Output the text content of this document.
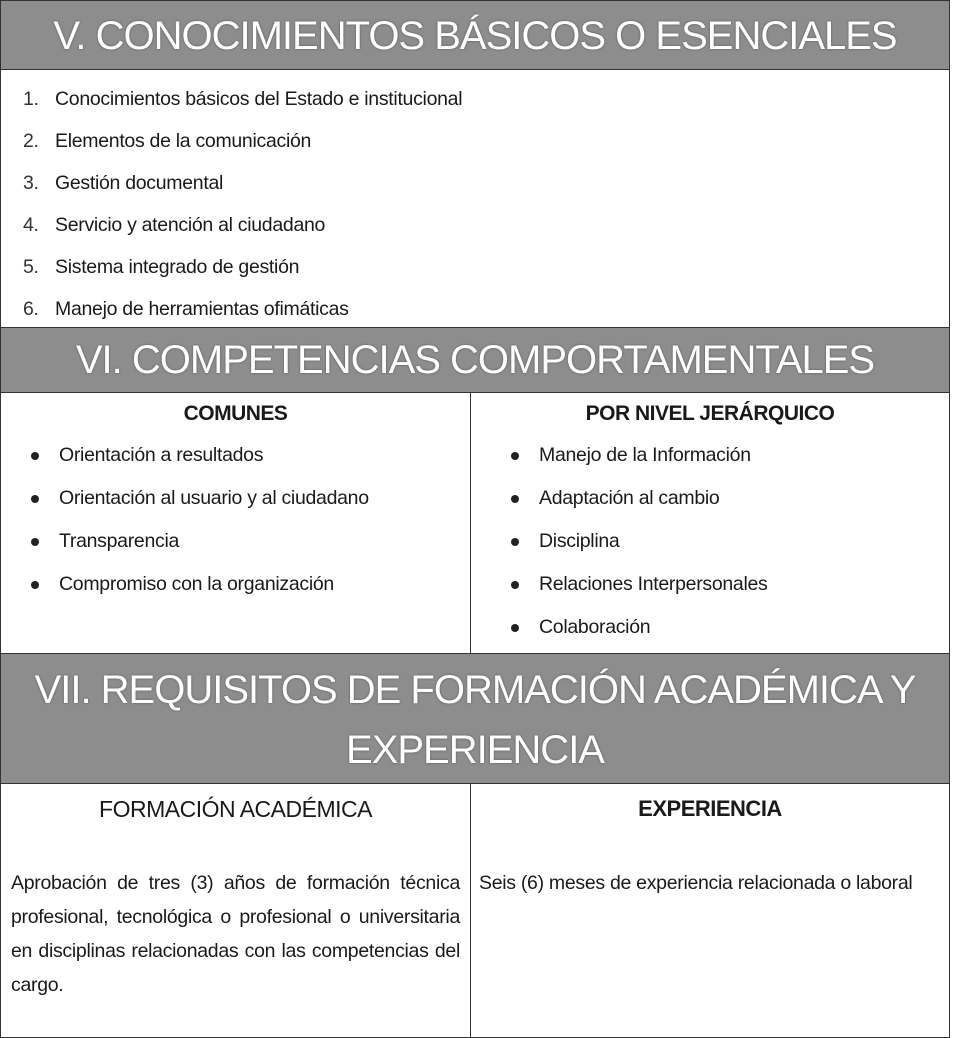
V. CONOCIMIENTOS BÁSICOS O ESENCIALES
1. Conocimientos básicos del Estado e institucional
2. Elementos de la comunicación
3. Gestión documental
4. Servicio y atención al ciudadano
5. Sistema integrado de gestión
6. Manejo de herramientas ofimáticas
VI. COMPETENCIAS COMPORTAMENTALES
COMUNES
Orientación a resultados
Orientación al usuario y al ciudadano
Transparencia
Compromiso con la organización
POR NIVEL JERÁRQUICO
Manejo de la Información
Adaptación al cambio
Disciplina
Relaciones Interpersonales
Colaboración
VII. REQUISITOS DE FORMACIÓN ACADÉMICA Y
EXPERIENCIA
FORMACIÓN ACADÉMICA
Aprobación de tres (3) años de formación técnica profesional, tecnológica o profesional o universitaria en disciplinas relacionadas con las competencias del cargo.
EXPERIENCIA
Seis (6) meses de experiencia relacionada o laboral
